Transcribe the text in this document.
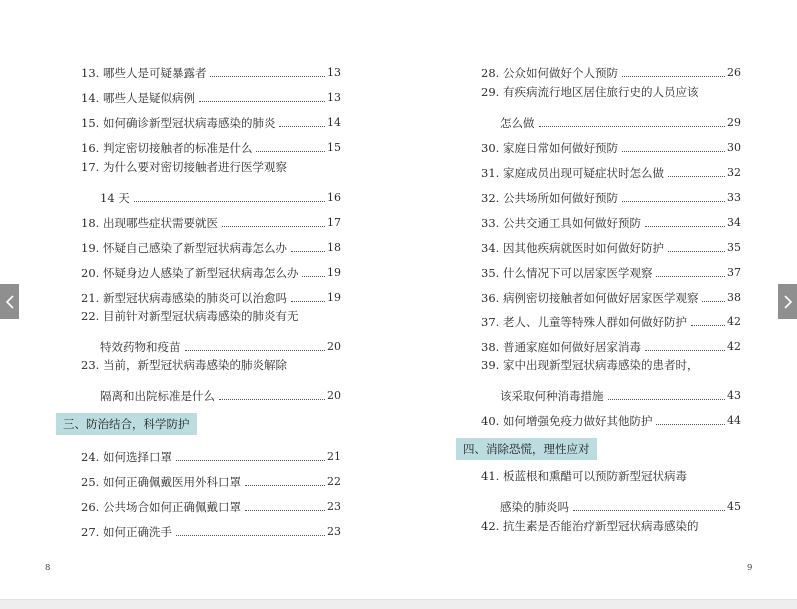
13. 哪些人是可疑暴露者	13
14. 哪些人是疑似病例	13
15. 如何确诊新型冠状病毒感染的肺炎	14
16. 判定密切接触者的标准是什么	15
17. 为什么要对密切接触者进行医学观察
14 天	16
18. 出现哪些症状需要就医	17
19. 怀疑自己感染了新型冠状病毒怎么办	18
20. 怀疑身边人感染了新型冠状病毒怎么办	19
21. 新型冠状病毒感染的肺炎可以治愈吗	19
22. 目前针对新型冠状病毒感染的肺炎有无
特效药物和疫苗	20
23. 当前，新型冠状病毒感染的肺炎解除
隔离和出院标准是什么	20
24. 如何选择口罩	21
25. 如何正确佩戴医用外科口罩	22
26. 公共场合如何正确佩戴口罩	23
27. 如何正确洗手	23
三、防治结合，科学防护
8
28. 公众如何做好个人预防	26
29. 有疾病流行地区居住旅行史的人员应该
怎么做	29
30. 家庭日常如何做好预防	30
31. 家庭成员出现可疑症状时怎么做	32
32. 公共场所如何做好预防	33
33. 公共交通工具如何做好预防	34
34. 因其他疾病就医时如何做好防护	35
35. 什么情况下可以居家医学观察	37
36. 病例密切接触者如何做好居家医学观察	38
37. 老人、儿童等特殊人群如何做好防护	42
38. 普通家庭如何做好居家消毒	42
39. 家中出现新型冠状病毒感染的患者时，
该采取何种消毒措施	43
40. 如何增强免疫力做好其他防护	44
41. 板蓝根和熏醋可以预防新型冠状病毒
感染的肺炎吗	45
42. 抗生素是否能治疗新型冠状病毒感染的
四、消除恐慌，理性应对
9
